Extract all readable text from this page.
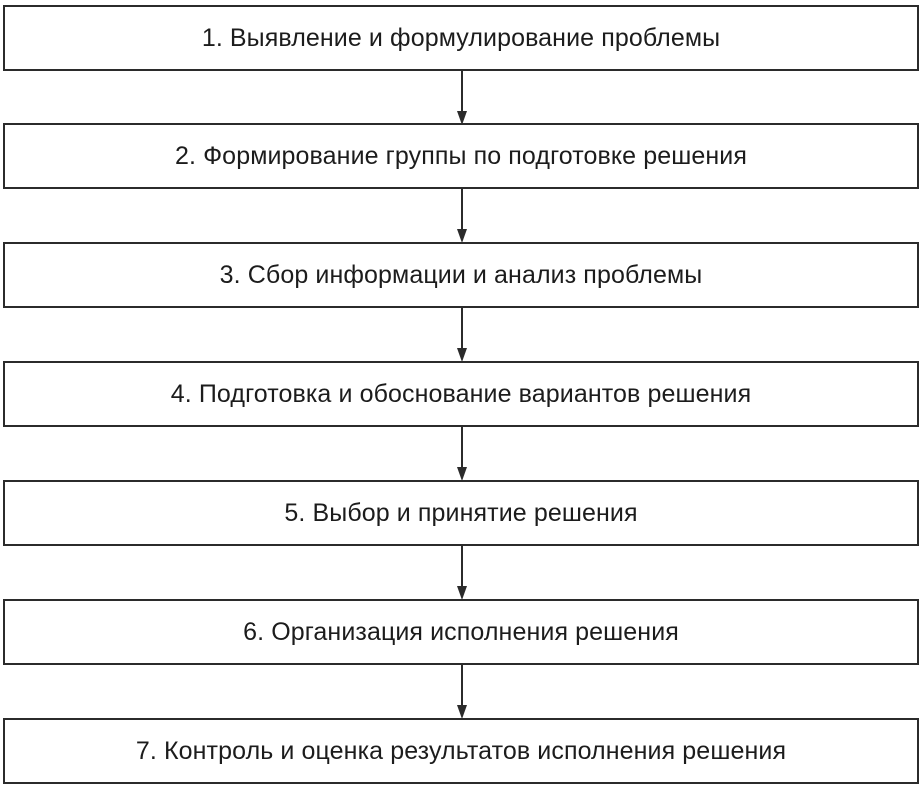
1. Выявление и формулирование проблемы
2. Формирование группы по подготовке решения
3. Сбор информации и анализ проблемы
4. Подготовка и обоснование вариантов решения
5. Выбор и принятие решения
6. Организация исполнения решения
7. Контроль и оценка результатов исполнения решения
